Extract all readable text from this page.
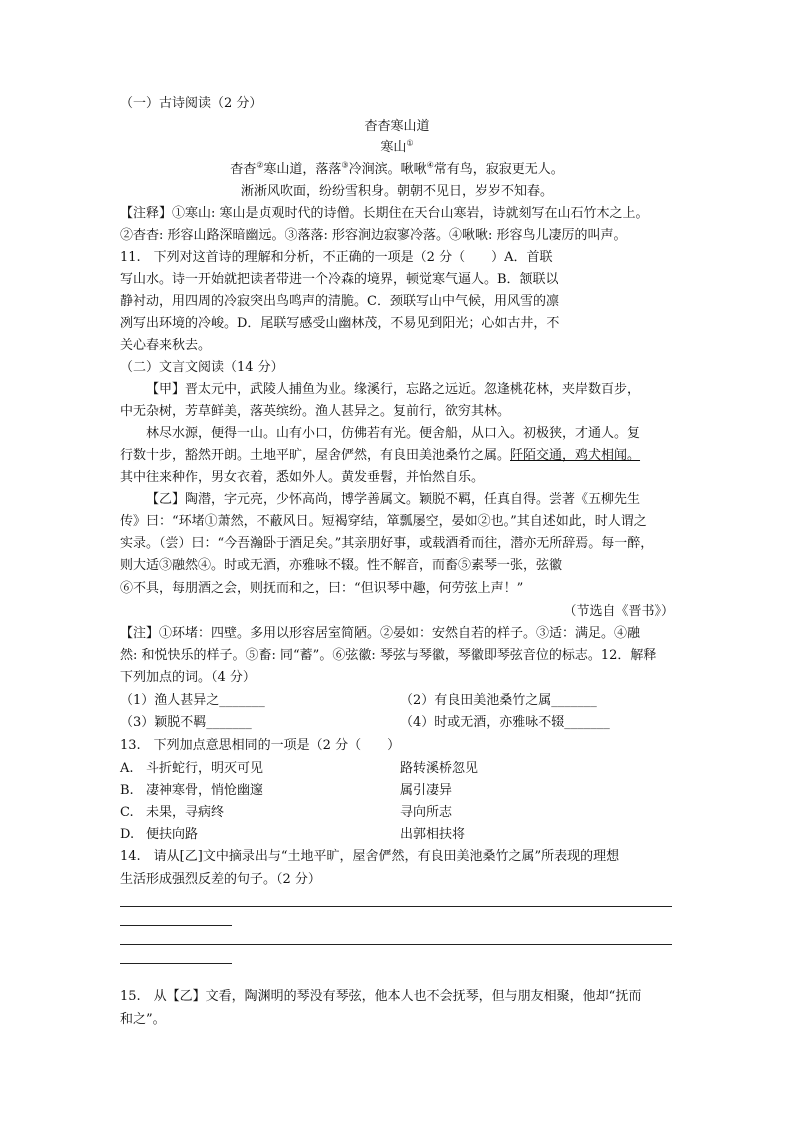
（一）古诗阅读（2 分）
杳杳寒山道
寒山①
杳杳②寒山道，落落③冷涧滨。啾啾④常有鸟，寂寂更无人。
淅淅风吹面，纷纷雪积身。朝朝不见日，岁岁不知春。
【注释】①寒山: 寒山是贞观时代的诗僧。长期住在天台山寒岩，诗就刻写在山石竹木之上。
②杳杳: 形容山路深暗幽远。③落落: 形容涧边寂寥冷落。④啾啾: 形容鸟儿凄厉的叫声。
11.　下列对这首诗的理解和分析，不正确的一项是（2 分（　　）A．首联
写山水。诗一开始就把读者带进一个冷森的境界，顿觉寒气逼人。B．颔联以
静衬动，用四周的冷寂突出鸟鸣声的清脆。C．颈联写山中气候，用风雪的凛
冽写出环境的冷峻。D．尾联写感受山幽林茂，不易见到阳光；心如古井，不
关心春来秋去。
（二）文言文阅读（14 分）
【甲】晋太元中，武陵人捕鱼为业。缘溪行，忘路之远近。忽逢桃花林，夹岸数百步，
中无杂树，芳草鲜美，落英缤纷。渔人甚异之。复前行，欲穷其林。
林尽水源，便得一山。山有小口，仿佛若有光。便舍船，从口入。初极狭，才通人。复
行数十步，豁然开朗。土地平旷，屋舍俨然，有良田美池桑竹之属。阡陌交通，鸡犬相闻。
其中往来种作，男女衣着，悉如外人。黄发垂髫，并怡然自乐。
【乙】陶潜，字元亮，少怀高尚，博学善属文。颖脱不羁，任真自得。尝著《五柳先生
传》曰：“环堵①萧然，不蔽风日。短褐穿结，箪瓢屡空，晏如②也。”其自述如此，时人谓之
实录。（尝）曰：“今吾瀚卧于酒足矣。”其亲朋好事，或载酒肴而往，潜亦无所辞焉。每一醉，
则大适③融然④。时或无酒，亦雅咏不辍。性不解音，而畜⑤素琴一张，弦徽
⑥不具，每朋酒之会，则抚而和之，曰：“但识琴中趣，何劳弦上声！”
（节选自《晋书》）
【注】①环堵：四壁。多用以形容居室简陋。②晏如：安然自若的样子。③适：满足。④融
然: 和悦快乐的样子。⑤畜: 同“蓄”。⑥弦徽: 琴弦与琴徽，琴徽即琴弦音位的标志。12．解释
下列加点的词。（4 分）
（1）渔人甚异之_______	（2）有良田美池桑竹之属_______
（3）颖脱不羁_______	（4）时或无酒，亦雅咏不辍_______
13.　下列加点意思相同的一项是（2 分（　　）
A. 斗折蛇行，明灭可见	路转溪桥忽见
B. 凄神寒骨，悄怆幽邃	属引凄异
C. 未果，寻病终	寻向所志
D. 便扶向路	出郭相扶将
14.　请从[乙]文中摘录出与“土地平旷，屋舍俨然，有良田美池桑竹之属”所表现的理想
生活形成强烈反差的句子。（2 分）
15.　从【乙】文看，陶渊明的琴没有琴弦，他本人也不会抚琴，但与朋友相聚，他却“抚而
和之”。
